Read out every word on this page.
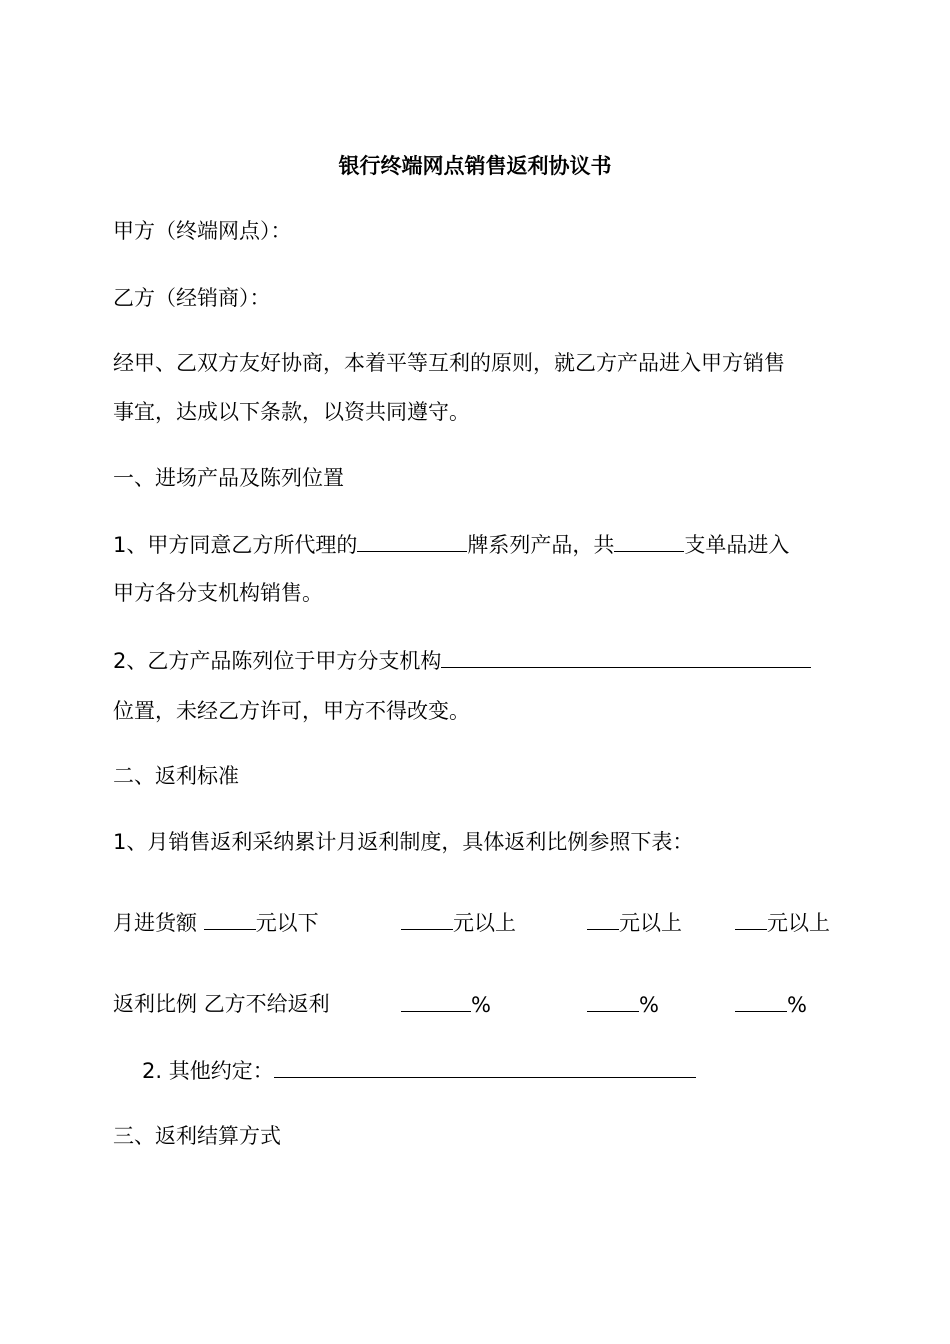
银行终端网点销售返利协议书
甲方（终端网点）：
乙方（经销商）：
经甲、乙双方友好协商，本着平等互利的原则，就乙方产品进入甲方销售
事宜，达成以下条款，以资共同遵守。
一、进场产品及陈列位置
1、甲方同意乙方所代理的	牌系列产品，共	支单品进入
甲方各分支机构销售。
2、乙方产品陈列位于甲方分支机构
位置，未经乙方许可，甲方不得改变。
二、返利标准
1、月销售返利采纳累计月返利制度，具体返利比例参照下表：
月进货额	元以下	元以上	元以上	元以上
返利比例 乙方不给返利	%	%	%
2. 其他约定：
三、返利结算方式
